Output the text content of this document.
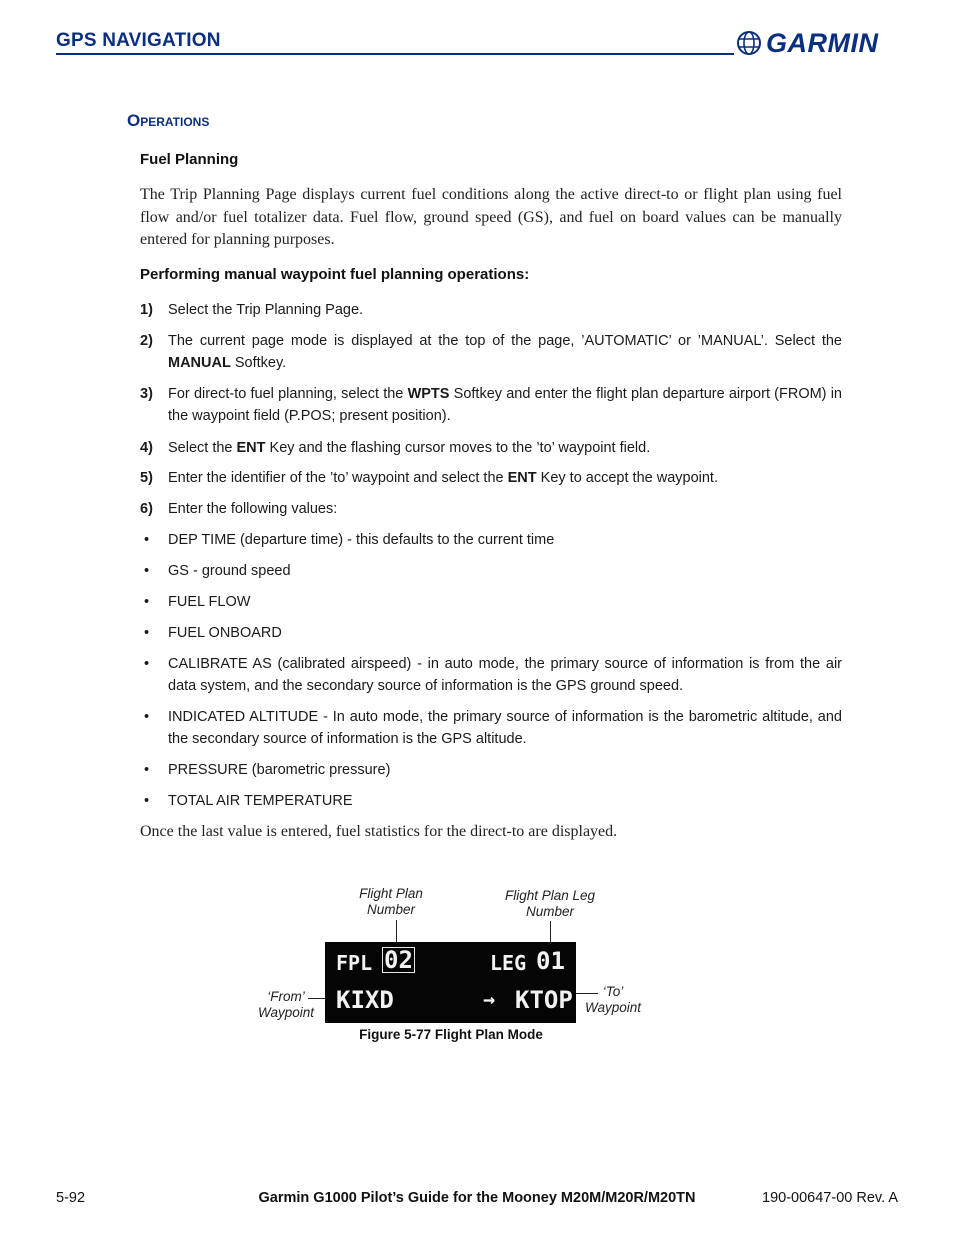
GPS NAVIGATION	GARMIN
OPERATIONS
Fuel Planning
The Trip Planning Page displays current fuel conditions along the active direct-to or flight plan using fuel flow and/or fuel totalizer data. Fuel flow, ground speed (GS), and fuel on board values can be manually entered for planning purposes.
Performing manual waypoint fuel planning operations:
1)	Select the Trip Planning Page.
2)	The current page mode is displayed at the top of the page, ’AUTOMATIC’ or ’MANUAL’. Select the MANUAL Softkey.
3)	For direct-to fuel planning, select the WPTS Softkey and enter the flight plan departure airport (FROM) in the waypoint field (P.POS; present position).
4)	Select the ENT Key and the flashing cursor moves to the ’to’ waypoint field.
5)	Enter the identifier of the ’to’ waypoint and select the ENT Key to accept the waypoint.
6)	Enter the following values:
•	DEP TIME (departure time) - this defaults to the current time
•	GS - ground speed
•	FUEL FLOW
•	FUEL ONBOARD
•	CALIBRATE AS (calibrated airspeed) - in auto mode, the primary source of information is from the air data system, and the secondary source of information is the GPS ground speed.
•	INDICATED ALTITUDE - In auto mode, the primary source of information is the barometric altitude, and the secondary source of information is the GPS altitude.
•	PRESSURE (barometric pressure)
•	TOTAL AIR TEMPERATURE
Once the last value is entered, fuel statistics for the direct-to are displayed.
Flight Plan
Number
Flight Plan Leg
Number
‘From’
Waypoint
‘To’
Waypoint
FPL 02	LEG 01
KIXD	→ KTOP
Figure 5-77 Flight Plan Mode
5-92	Garmin G1000 Pilot’s Guide for the Mooney M20M/M20R/M20TN	190-00647-00 Rev. A
